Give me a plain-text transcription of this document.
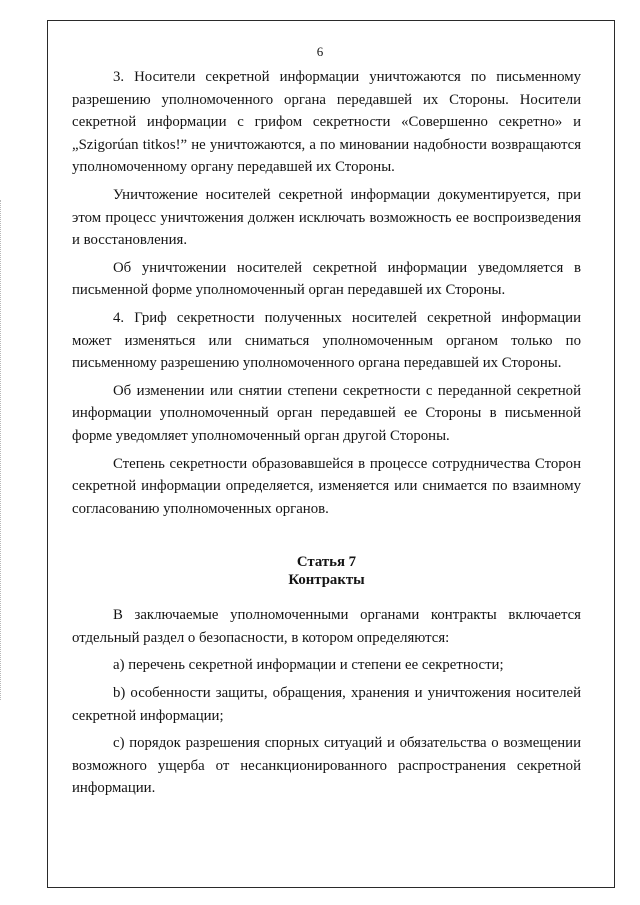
6

3. Носители секретной информации уничтожаются по письменному разрешению уполномоченного органа передавшей их Стороны. Носители секретной информации с грифом секретности «Совершенно секретно» и „Szigorúan titkos!” не уничтожаются, а по миновании надобности возвращаются уполномоченному органу передавшей их Стороны.

Уничтожение носителей секретной информации документируется, при этом процесс уничтожения должен исключать возможность ее воспроизведения и восстановления.

Об уничтожении носителей секретной информации уведомляется в письменной форме уполномоченный орган передавшей их Стороны.

4. Гриф секретности полученных носителей секретной информации может изменяться или сниматься уполномоченным органом только по письменному разрешению уполномоченного органа передавшей их Стороны.

Об изменении или снятии степени секретности с переданной секретной информации уполномоченный орган передавшей ее Стороны в письменной форме уведомляет уполномоченный орган другой Стороны.

Степень секретности образовавшейся в процессе сотрудничества Сторон секретной информации определяется, изменяется или снимается по взаимному согласованию уполномоченных органов.

Статья 7
Контракты

В заключаемые уполномоченными органами контракты включается отдельный раздел о безопасности, в котором определяются:

а) перечень секретной информации и степени ее секретности;

b) особенности защиты, обращения, хранения и уничтожения носителей секретной информации;

с) порядок разрешения спорных ситуаций и обязательства о возмещении возможного ущерба от несанкционированного распространения секретной информации.
